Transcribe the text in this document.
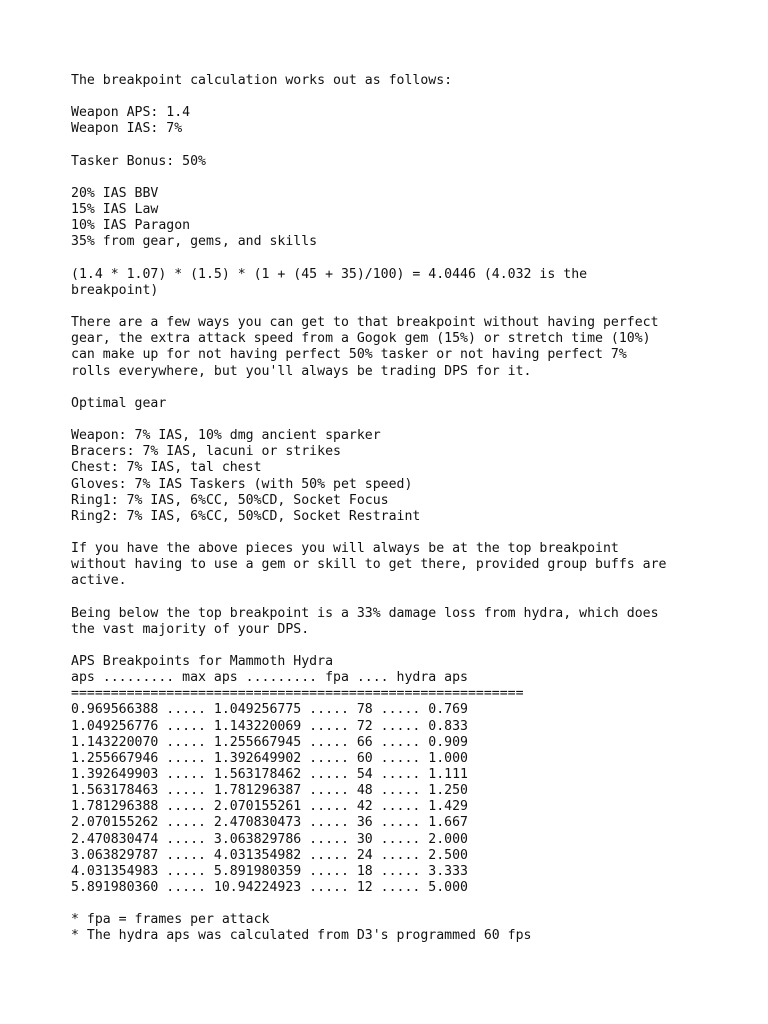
The breakpoint calculation works out as follows:
Weapon APS: 1.4
Weapon IAS: 7%
Tasker Bonus: 50%
20% IAS BBV
15% IAS Law
10% IAS Paragon
35% from gear, gems, and skills
(1.4 * 1.07) * (1.5) * (1 + (45 + 35)/100) = 4.0446 (4.032 is the
breakpoint)
There are a few ways you can get to that breakpoint without having perfect
gear, the extra attack speed from a Gogok gem (15%) or stretch time (10%)
can make up for not having perfect 50% tasker or not having perfect 7%
rolls everywhere, but you'll always be trading DPS for it.
Optimal gear
Weapon: 7% IAS, 10% dmg ancient sparker
Bracers: 7% IAS, lacuni or strikes
Chest: 7% IAS, tal chest
Gloves: 7% IAS Taskers (with 50% pet speed)
Ring1: 7% IAS, 6%CC, 50%CD, Socket Focus
Ring2: 7% IAS, 6%CC, 50%CD, Socket Restraint
If you have the above pieces you will always be at the top breakpoint
without having to use a gem or skill to get there, provided group buffs are
active.
Being below the top breakpoint is a 33% damage loss from hydra, which does
the vast majority of your DPS.
APS Breakpoints for Mammoth Hydra
aps ......... max aps ......... fpa .... hydra aps
=========================================================
0.969566388 ..... 1.049256775 ..... 78 ..... 0.769
1.049256776 ..... 1.143220069 ..... 72 ..... 0.833
1.143220070 ..... 1.255667945 ..... 66 ..... 0.909
1.255667946 ..... 1.392649902 ..... 60 ..... 1.000
1.392649903 ..... 1.563178462 ..... 54 ..... 1.111
1.563178463 ..... 1.781296387 ..... 48 ..... 1.250
1.781296388 ..... 2.070155261 ..... 42 ..... 1.429
2.070155262 ..... 2.470830473 ..... 36 ..... 1.667
2.470830474 ..... 3.063829786 ..... 30 ..... 2.000
3.063829787 ..... 4.031354982 ..... 24 ..... 2.500
4.031354983 ..... 5.891980359 ..... 18 ..... 3.333
5.891980360 ..... 10.94224923 ..... 12 ..... 5.000
* fpa = frames per attack
* The hydra aps was calculated from D3's programmed 60 fps
